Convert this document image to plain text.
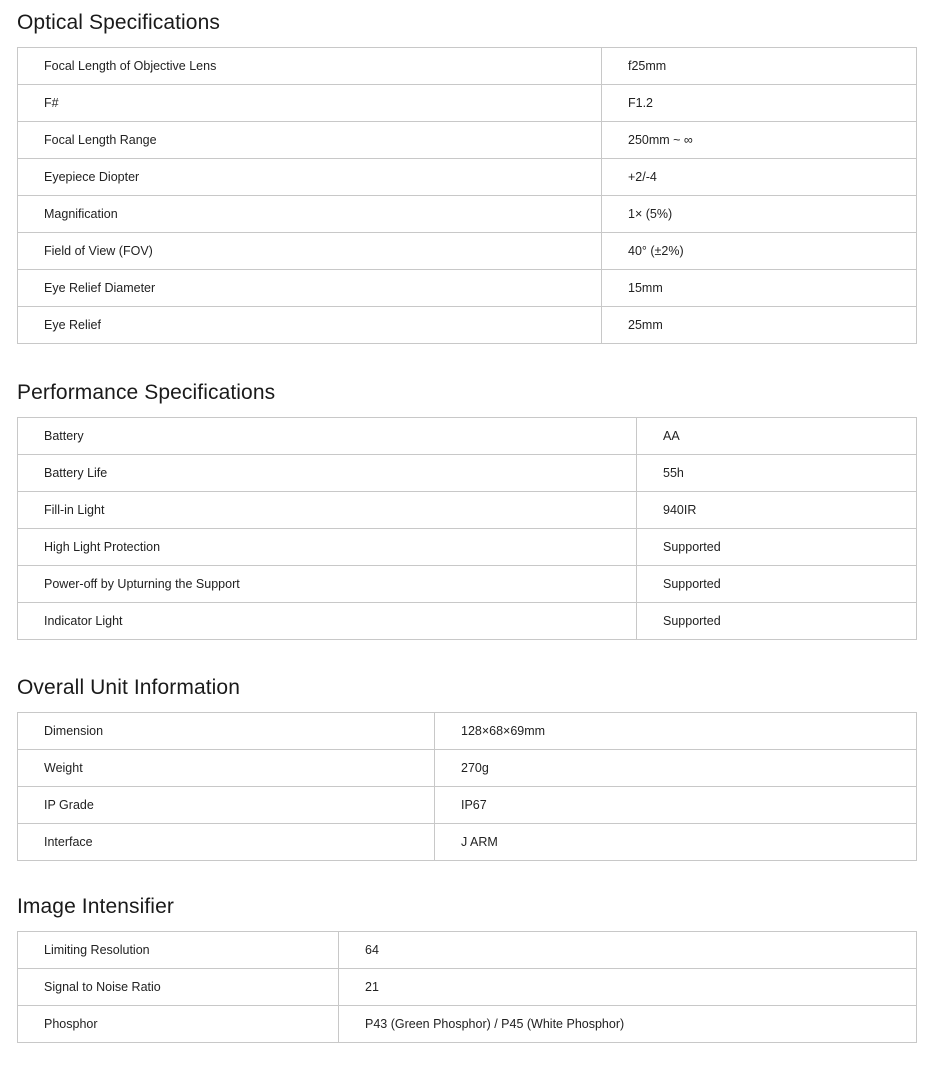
Optical Specifications
Focal Length of Objective Lens	f25mm
F#	F1.2
Focal Length Range	250mm ~ ∞
Eyepiece Diopter	+2/-4
Magnification	1× (5%)
Field of View (FOV)	40° (±2%)
Eye Relief Diameter	15mm
Eye Relief	25mm
Performance Specifications
Battery	AA
Battery Life	55h
Fill-in Light	940IR
High Light Protection	Supported
Power-off by Upturning the Support	Supported
Indicator Light	Supported
Overall Unit Information
Dimension	128×68×69mm
Weight	270g
IP Grade	IP67
Interface	J ARM
Image Intensifier
Limiting Resolution	64
Signal to Noise Ratio	21
Phosphor	P43 (Green Phosphor) / P45 (White Phosphor)
